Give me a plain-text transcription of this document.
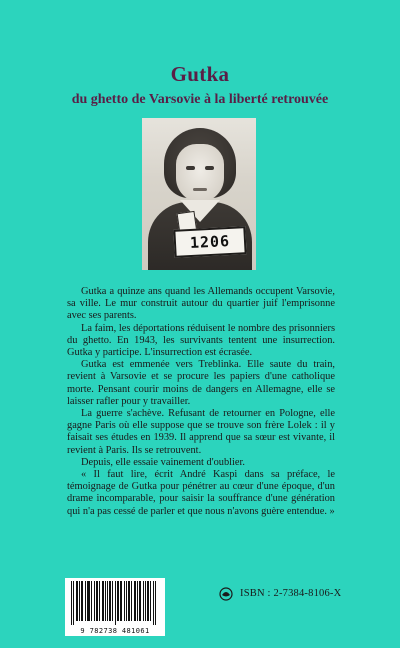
Gutka
du ghetto de Varsovie à la liberté retrouvée
1206

Gutka a quinze ans quand les Allemands occupent Varsovie, sa ville. Le mur construit autour du quartier juif l'emprisonne avec ses parents.

La faim, les déportations réduisent le nombre des prisonniers du ghetto. En 1943, les survivants tentent une insurrection. Gutka y participe. L'insurrection est écrasée.

Gutka est emmenée vers Treblinka. Elle saute du train, revient à Varsovie et se procure les papiers d'une catholique morte. Pensant courir moins de dangers en Allemagne, elle se laisser rafler pour y travailler.

La guerre s'achève. Refusant de retourner en Pologne, elle gagne Paris où elle suppose que se trouve son frère Lolek : il y faisait ses études en 1939. Il apprend que sa sœur est vivante, il revient à Paris. Ils se retrouvent.

Depuis, elle essaie vainement d'oublier.

« Il faut lire, écrit André Kaspi dans sa préface, le témoignage de Gutka pour pénétrer au cœur d'une époque, d'un drame incomparable, pour saisir la souffrance d'une génération qui n'a pas cessé de parler et que nous n'avons guère entendue. »

9 782738 481061
ISBN : 2-7384-8106-X
